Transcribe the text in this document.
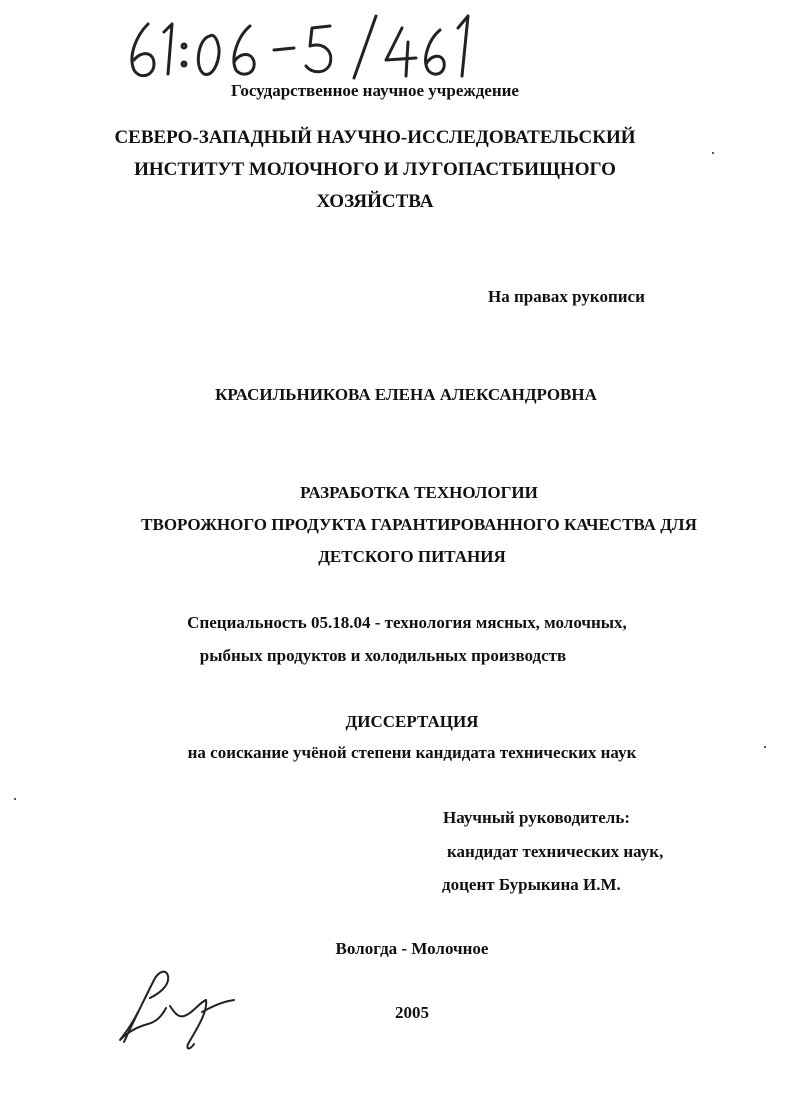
Государственное научное учреждение
СЕВЕРО-ЗАПАДНЫЙ НАУЧНО-ИССЛЕДОВАТЕЛЬСКИЙ
ИНСТИТУТ МОЛОЧНОГО И ЛУГОПАСТБИЩНОГО
ХОЗЯЙСТВА
На правах рукописи
КРАСИЛЬНИКОВА ЕЛЕНА АЛЕКСАНДРОВНА
РАЗРАБОТКА ТЕХНОЛОГИИ
ТВОРОЖНОГО ПРОДУКТА ГАРАНТИРОВАННОГО КАЧЕСТВА ДЛЯ
ДЕТСКОГО ПИТАНИЯ
Специальность 05.18.04 - технология мясных, молочных,
рыбных продуктов и холодильных производств
ДИССЕРТАЦИЯ
на соискание учёной степени кандидата технических наук
Научный руководитель:
кандидат технических наук,
доцент Бурыкина И.М.
Вологда - Молочное
2005
